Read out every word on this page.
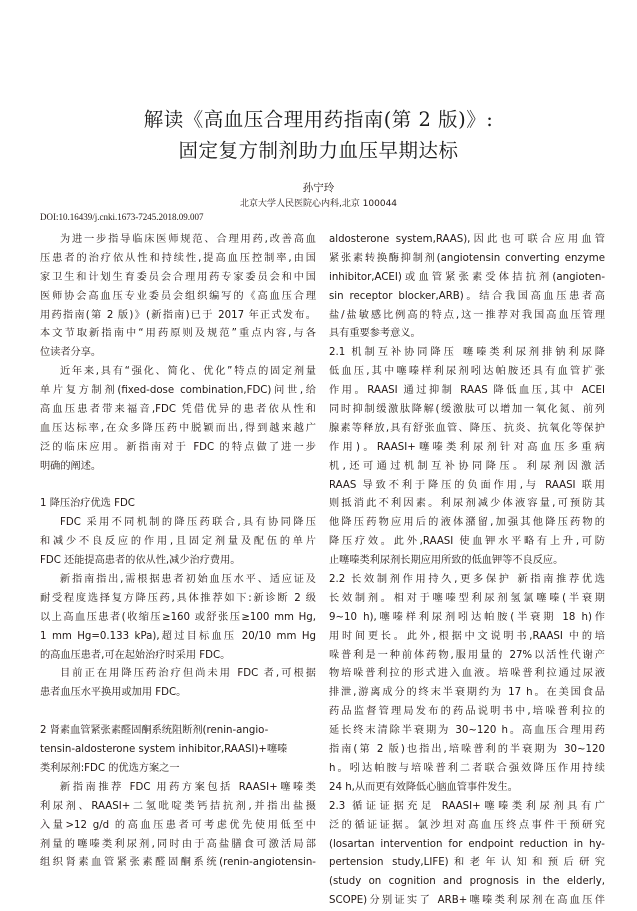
解读《高血压合理用药指南(第 2 版)》:
固定复方制剂助力血压早期达标
孙宁玲
北京大学人民医院心内科,北京 100044
DOI:10.16439/j.cnki.1673-7245.2018.09.007
为进一步指导临床医师规范、合理用药,改善高血
压患者的治疗依从性和持续性,提高血压控制率,由国
家卫生和计划生育委员会合理用药专家委员会和中国
医师协会高血压专业委员会组织编写的《高血压合理
用药指南(第 2 版)》(新指南)已于 2017 年正式发布。
本文节取新指南中“用药原则及规范”重点内容,与各
位读者分享。
近年来,具有“强化、简化、优化”特点的固定剂量
单片复方制剂(fixed-dose combination,FDC)问世,给
高血压患者带来福音,FDC 凭借优异的患者依从性和
血压达标率,在众多降压药中脱颖而出,得到越来越广
泛的临床应用。新指南对于 FDC 的特点做了进一步
明确的阐述。
1 降压治疗优选 FDC
FDC 采用不同机制的降压药联合,具有协同降压
和减少不良反应的作用,且固定剂量及配伍的单片
FDC 还能提高患者的依从性,减少治疗费用。
新指南指出,需根据患者初始血压水平、适应证及
耐受程度选择复方降压药,具体推荐如下:新诊断 2 级
以上高血压患者(收缩压≥160 或舒张压≥100 mm Hg,
1 mm Hg=0.133 kPa),超过目标血压 20/10 mm Hg
的高血压患者,可在起始治疗时采用 FDC。
目前正在用降压药治疗但尚未用 FDC 者,可根据
患者血压水平换用或加用 FDC。
2 肾素血管紧张素醛固酮系统阻断剂(renin-angio-
tensin-aldosterone system inhibitor,RAASI)+噻嗪
类利尿剂:FDC 的优选方案之一
新指南推荐 FDC 用药方案包括 RAASI+噻嗪类
利尿剂、RAASI+二氢吡啶类钙拮抗剂,并指出盐摄
入量>12 g/d 的高血压患者可考虑优先使用低至中
剂量的噻嗪类利尿剂,同时由于高盐膳食可激活局部
组织肾素血管紧张素醛固酮系统(renin-angiotensin-
aldosterone system,RAAS),因此也可联合应用血管
紧张素转换酶抑制剂(angiotensin converting enzyme
inhibitor,ACEI)或血管紧张素受体拮抗剂(angioten-
sin receptor blocker,ARB)。结合我国高血压患者高
盐/盐敏感比例高的特点,这一推荐对我国高血压管理
具有重要参考意义。
2.1 机制互补协同降压 噻嗪类利尿剂排钠利尿降
低血压,其中噻嗪样利尿剂吲达帕胺还具有血管扩张
作用。RAASI 通过抑制 RAAS 降低血压,其中 ACEI
同时抑制缓激肽降解(缓激肽可以增加一氧化氮、前列
腺素等释放,具有舒张血管、降压、抗炎、抗氧化等保护
作用)。RAASI+噻嗪类利尿剂针对高血压多重病
机,还可通过机制互补协同降压。利尿剂因激活
RAAS 导致不利于降压的负面作用,与 RAASI 联用
则抵消此不利因素。利尿剂减少体液容量,可预防其
他降压药物应用后的液体潴留,加强其他降压药物的
降压疗效。此外,RAASI 使血钾水平略有上升,可防
止噻嗪类利尿剂长期应用所致的低血钾等不良反应。
2.2 长效制剂作用持久,更多保护 新指南推荐优选
长效制剂。相对于噻嗪型利尿剂氢氯噻嗪(半衰期
9~10 h),噻嗪样利尿剂吲达帕胺(半衰期 18 h)作
用时间更长。此外,根据中文说明书,RAASI 中的培
哚普利是一种前体药物,服用量的 27%以活性代谢产
物培哚普利拉的形式进入血液。培哚普利拉通过尿液
排泄,游离成分的终末半衰期约为 17 h。在美国食品
药品监督管理局发布的药品说明书中,培哚普利拉的
延长终末清除半衰期为 30~120 h。高血压合理用药
指南(第 2 版)也指出,培哚普利的半衰期为 30~120
h。吲达帕胺与培哚普利二者联合强效降压作用持续
24 h,从而更有效降低心脑血管事件发生。
2.3 循证证据充足 RAASI+噻嗪类利尿剂具有广
泛的循证证据。氯沙坦对高血压终点事件干预研究
(losartan intervention for endpoint reduction in hy-
pertension study,LIFE)和老年认知和预后研究
(study on cognition and prognosis in the elderly,
SCOPE)分别证实了 ARB+噻嗪类利尿剂在高血压伴
